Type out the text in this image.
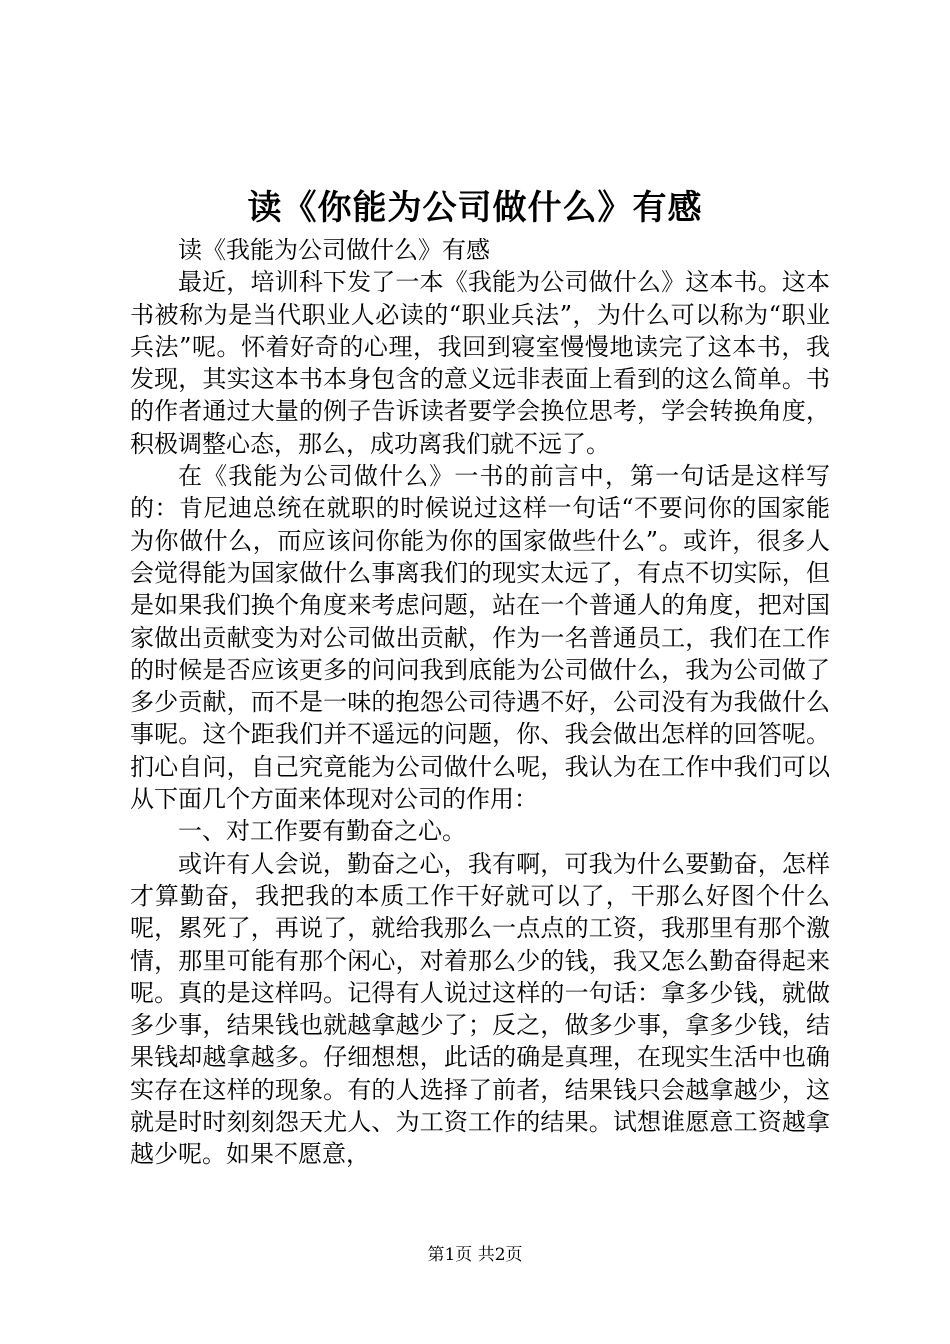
读《你能为公司做什么》有感

读《我能为公司做什么》有感

最近，培训科下发了一本《我能为公司做什么》这本书。这本书被称为是当代职业人必读的“职业兵法”，为什么可以称为“职业兵法”呢。怀着好奇的心理，我回到寝室慢慢地读完了这本书，我发现，其实这本书本身包含的意义远非表面上看到的这么简单。书的作者通过大量的例子告诉读者要学会换位思考，学会转换角度，积极调整心态，那么，成功离我们就不远了。

在《我能为公司做什么》一书的前言中，第一句话是这样写的：肯尼迪总统在就职的时候说过这样一句话“不要问你的国家能为你做什么，而应该问你能为你的国家做些什么”。或许，很多人会觉得能为国家做什么事离我们的现实太远了，有点不切实际，但是如果我们换个角度来考虑问题，站在一个普通人的角度，把对国家做出贡献变为对公司做出贡献，作为一名普通员工，我们在工作的时候是否应该更多的问问我到底能为公司做什么，我为公司做了多少贡献，而不是一味的抱怨公司待遇不好，公司没有为我做什么事呢。这个距我们并不遥远的问题，你、我会做出怎样的回答呢。扪心自问，自己究竟能为公司做什么呢，我认为在工作中我们可以从下面几个方面来体现对公司的作用：

一、对工作要有勤奋之心。

或许有人会说，勤奋之心，我有啊，可我为什么要勤奋，怎样才算勤奋，我把我的本质工作干好就可以了，干那么好图个什么呢，累死了，再说了，就给我那么一点点的工资，我那里有那个激情，那里可能有那个闲心，对着那么少的钱，我又怎么勤奋得起来呢。真的是这样吗。记得有人说过这样的一句话：拿多少钱，就做多少事，结果钱也就越拿越少了；反之，做多少事，拿多少钱，结果钱却越拿越多。仔细想想，此话的确是真理，在现实生活中也确实存在这样的现象。有的人选择了前者，结果钱只会越拿越少，这就是时时刻刻怨天尤人、为工资工作的结果。试想谁愿意工资越拿越少呢。如果不愿意，

第1页 共2页
